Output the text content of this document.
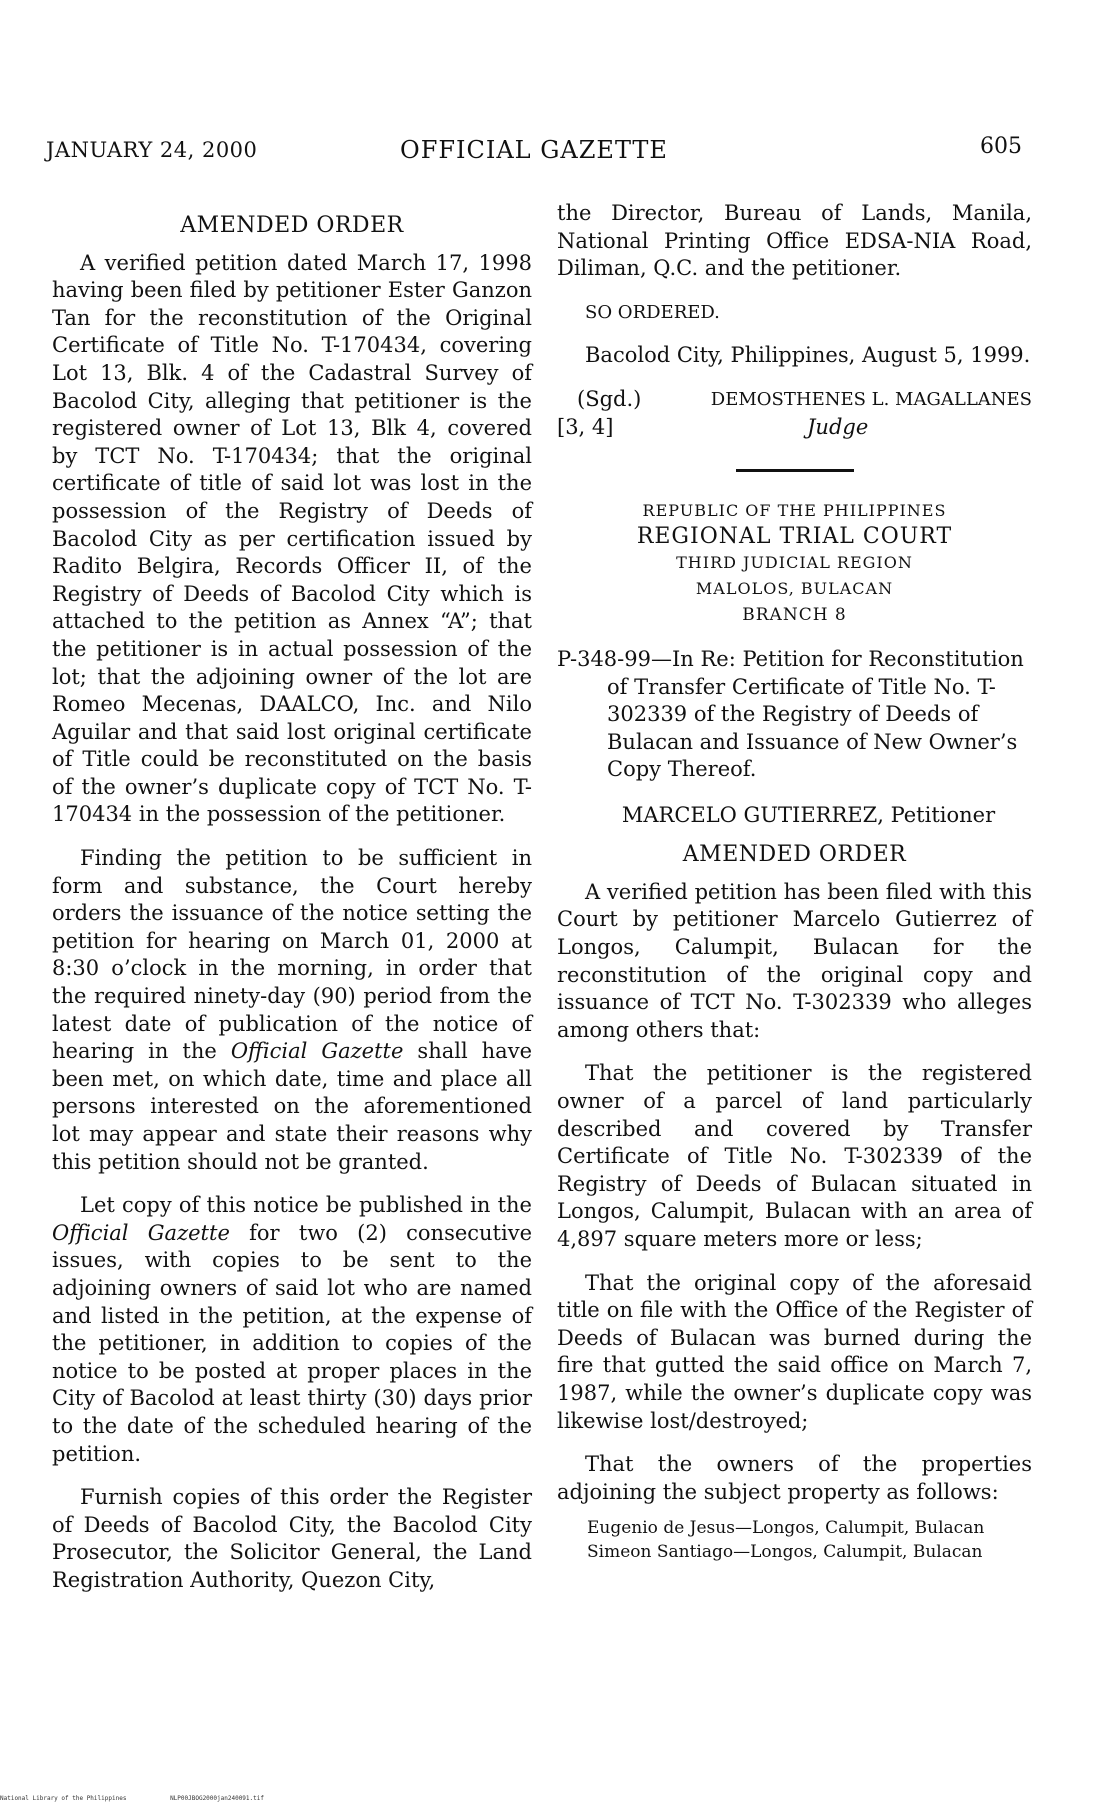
JANUARY 24, 2000	OFFICIAL GAZETTE	605
AMENDED ORDER

A verified petition dated March 17, 1998 having been filed by petitioner Ester Ganzon Tan for the reconstitution of the Original Certificate of Title No. T-170434, covering Lot 13, Blk. 4 of the Cadastral Survey of Bacolod City, alleging that petitioner is the registered owner of Lot 13, Blk 4, covered by TCT No. T-170434; that the original certificate of title of said lot was lost in the possession of the Registry of Deeds of Bacolod City as per certification issued by Radito Belgira, Records Officer II, of the Registry of Deeds of Bacolod City which is attached to the petition as Annex “A”; that the petitioner is in actual possession of the lot; that the adjoining owner of the lot are Romeo Mecenas, DAALCO, Inc. and Nilo Aguilar and that said lost original certificate of Title could be reconstituted on the basis of the owner’s duplicate copy of TCT No. T-170434 in the possession of the petitioner.

Finding the petition to be sufficient in form and substance, the Court hereby orders the issuance of the notice setting the petition for hearing on March 01, 2000 at 8:30 o’clock in the morning, in order that the required ninety-day (90) period from the latest date of publication of the notice of hearing in the Official Gazette shall have been met, on which date, time and place all persons interested on the aforementioned lot may appear and state their reasons why this petition should not be granted.

Let copy of this notice be published in the Official Gazette for two (2) consecutive issues, with copies to be sent to the adjoining owners of said lot who are named and listed in the petition, at the expense of the petitioner, in addition to copies of the notice to be posted at proper places in the City of Bacolod at least thirty (30) days prior to the date of the scheduled hearing of the petition.

Furnish copies of this order the Register of Deeds of Bacolod City, the Bacolod City Prosecutor, the Solicitor General, the Land Registration Authority, Quezon City,

the Director, Bureau of Lands, Manila, National Printing Office EDSA-NIA Road, Diliman, Q.C. and the petitioner.

SO ORDERED.

Bacolod City, Philippines, August 5, 1999.

(Sgd.)	DEMOSTHENES L. MAGALLANES
[3, 4]	Judge
REPUBLIC OF THE PHILIPPINES
REGIONAL TRIAL COURT
THIRD JUDICIAL REGION
MALOLOS, BULACAN
BRANCH 8

P-348-99—In Re: Petition for Reconstitution of Transfer Certificate of Title No. T-302339 of the Registry of Deeds of Bulacan and Issuance of New Owner’s Copy Thereof.

MARCELO GUTIERREZ, Petitioner

AMENDED ORDER

A verified petition has been filed with this Court by petitioner Marcelo Gutierrez of Longos, Calumpit, Bulacan for the reconstitution of the original copy and issuance of TCT No. T-302339 who alleges among others that:

That the petitioner is the registered owner of a parcel of land particularly described and covered by Transfer Certificate of Title No. T-302339 of the Registry of Deeds of Bulacan situated in Longos, Calumpit, Bulacan with an area of 4,897 square meters more or less;

That the original copy of the aforesaid title on file with the Office of the Register of Deeds of Bulacan was burned during the fire that gutted the said office on March 7, 1987, while the owner’s duplicate copy was likewise lost/destroyed;

That the owners of the properties adjoining the subject property as follows:

Eugenio de Jesus—Longos, Calumpit, Bulacan
Simeon Santiago—Longos, Calumpit, Bulacan
National Library of the Philippines	NLP00JBOG2000jan240091.tif
